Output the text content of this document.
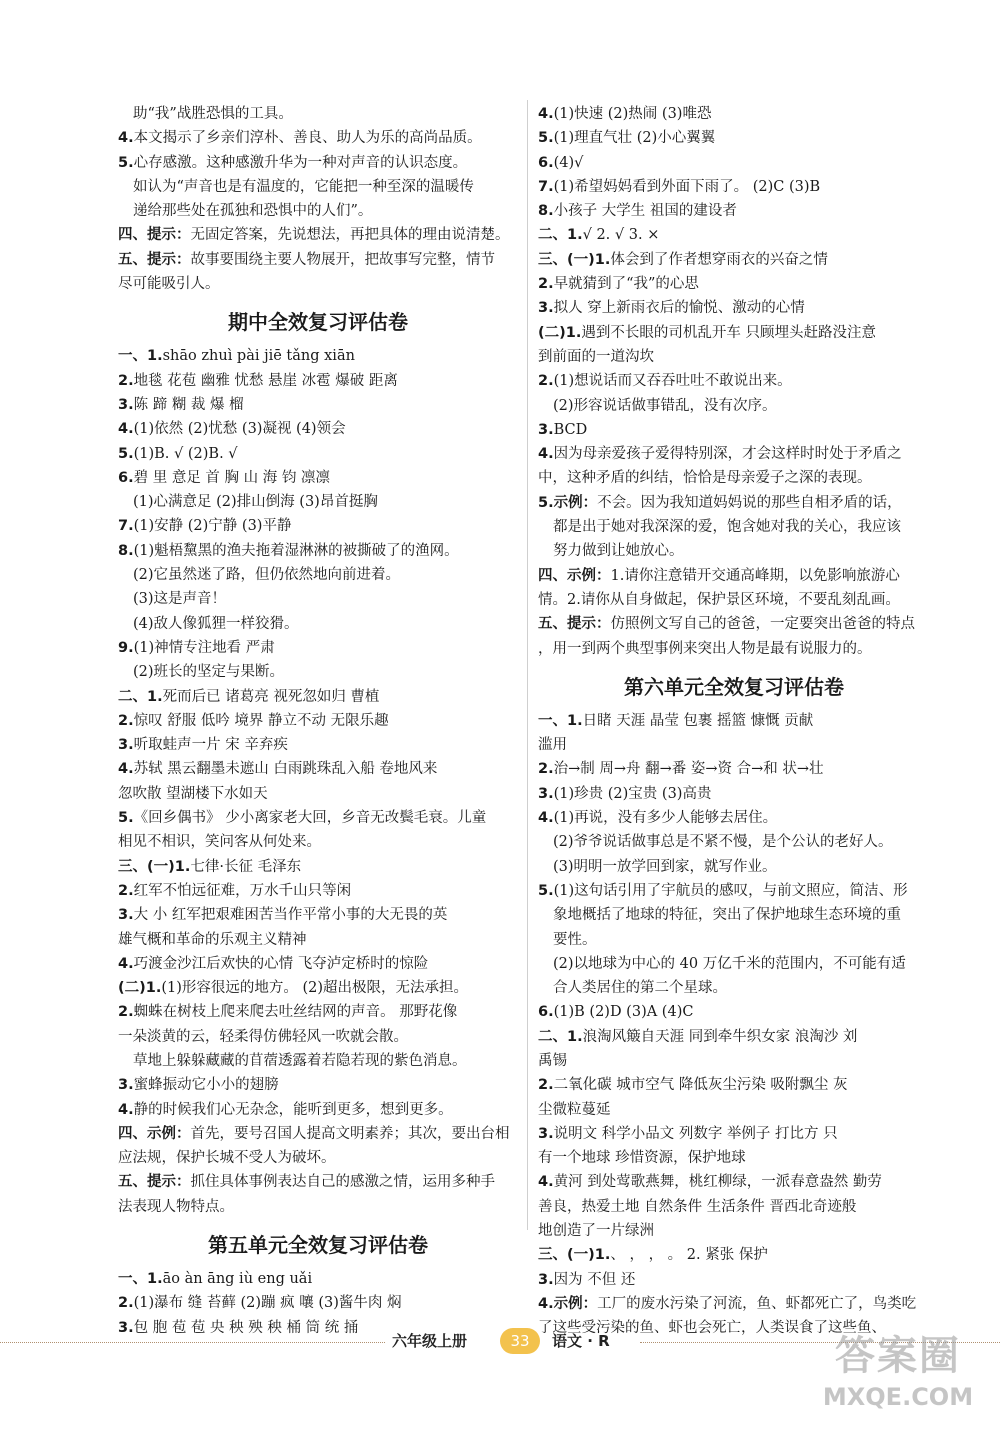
助“我”战胜恐惧的工具。
4.本文揭示了乡亲们淳朴、善良、助人为乐的高尚品质。
5.心存感激。这种感激升华为一种对声音的认识态度。
如认为“声音也是有温度的，它能把一种至深的温暖传
递给那些处在孤独和恐惧中的人们”。
四、提示：无固定答案，先说想法，再把具体的理由说清楚。
五、提示：故事要围绕主要人物展开，把故事写完整，情节
尽可能吸引人。
期中全效复习评估卷
一、1.shāo zhuì pài jiē tǎng xiān
2.地毯 花苞 幽雅 忧愁 悬崖 冰雹 爆破 距离
3.陈 蹄 糊 裁 爆 榴
4.(1)依然 (2)忧愁 (3)凝视 (4)领会
5.(1)B. √ (2)B. √
6.碧 里 意足 首 胸 山 海 钧 凛凛
(1)心满意足 (2)排山倒海 (3)昂首挺胸
7.(1)安静 (2)宁静 (3)平静
8.(1)魁梧黧黑的渔夫拖着湿淋淋的被撕破了的渔网。
(2)它虽然迷了路，但仍依然地向前进着。
(3)这是声音！
(4)敌人像狐狸一样狡猾。
9.(1)神情专注地看 严肃
(2)班长的坚定与果断。
二、1.死而后已 诸葛亮 视死忽如归 曹植
2.惊叹 舒服 低吟 境界 静立不动 无限乐趣
3.听取蛙声一片 宋 辛弃疾
4.苏轼 黑云翻墨未遮山 白雨跳珠乱入船 卷地风来
忽吹散 望湖楼下水如天
5.《回乡偶书》 少小离家老大回，乡音无改鬓毛衰。儿童
相见不相识，笑问客从何处来。
三、(一)1.七律·长征 毛泽东
2.红军不怕远征难，万水千山只等闲
3.大 小 红军把艰难困苦当作平常小事的大无畏的英
雄气概和革命的乐观主义精神
4.巧渡金沙江后欢快的心情 飞夺泸定桥时的惊险
(二)1.(1)形容很远的地方。 (2)超出极限，无法承担。
2.蜘蛛在树枝上爬来爬去吐丝结网的声音。 那野花像
一朵淡黄的云，轻柔得仿佛轻风一吹就会散。
草地上躲躲藏藏的苜蓿透露着若隐若现的紫色消息。
3.蜜蜂振动它小小的翅膀
4.静的时候我们心无杂念，能听到更多，想到更多。
四、示例：首先，要号召国人提高文明素养；其次，要出台相
应法规，保护长城不受人为破坏。
五、提示：抓住具体事例表达自己的感激之情，运用多种手
法表现人物特点。
第五单元全效复习评估卷
一、1.āo àn āng iù eng uǎi
2.(1)瀑布 缝 苔藓 (2)蹦 疯 嚷 (3)酱牛肉 焖
3.包 胞 苞 苞 央 秧 殃 秧 桶 筒 统 捅
4.(1)快速 (2)热闹 (3)唯恐
5.(1)理直气壮 (2)小心翼翼
6.(4)√
7.(1)希望妈妈看到外面下雨了。 (2)C (3)B
8.小孩子 大学生 祖国的建设者
二、1.√ 2. √ 3. ×
三、(一)1.体会到了作者想穿雨衣的兴奋之情
2.早就猜到了“我”的心思
3.拟人 穿上新雨衣后的愉悦、激动的心情
(二)1.遇到不长眼的司机乱开车 只顾埋头赶路没注意
到前面的一道沟坎
2.(1)想说话而又吞吞吐吐不敢说出来。
(2)形容说话做事错乱，没有次序。
3.BCD
4.因为母亲爱孩子爱得特别深，才会这样时时处于矛盾之
中，这种矛盾的纠结，恰恰是母亲爱子之深的表现。
5.示例：不会。因为我知道妈妈说的那些自相矛盾的话，
都是出于她对我深深的爱，饱含她对我的关心，我应该
努力做到让她放心。
四、示例：1.请你注意错开交通高峰期，以免影响旅游心
情。2.请你从自身做起，保护景区环境，不要乱刻乱画。
五、提示：仿照例文写自己的爸爸，一定要突出爸爸的特点
，用一到两个典型事例来突出人物是最有说服力的。
第六单元全效复习评估卷
一、1.日睹 天涯 晶莹 包裹 摇篮 慷慨 贡献
滥用
2.治→制 周→舟 翻→番 姿→资 合→和 状→壮
3.(1)珍贵 (2)宝贵 (3)高贵
4.(1)再说，没有多少人能够去居住。
(2)爷爷说话做事总是不紧不慢，是个公认的老好人。
(3)明明一放学回到家，就写作业。
5.(1)这句话引用了宇航员的感叹，与前文照应，简洁、形
象地概括了地球的特征，突出了保护地球生态环境的重
要性。
(2)以地球为中心的 40 万亿千米的范围内，不可能有适
合人类居住的第二个星球。
6.(1)B (2)D (3)A (4)C
二、1.浪淘风簸自天涯 同到牵牛织女家 浪淘沙 刘
禹锡
2.二氧化碳 城市空气 降低灰尘污染 吸附飘尘 灰
尘微粒蔓延
3.说明文 科学小品文 列数字 举例子 打比方 只
有一个地球 珍惜资源，保护地球
4.黄河 到处莺歌燕舞，桃红柳绿，一派春意盎然 勤劳
善良，热爱土地 自然条件 生活条件 晋西北奇迹般
地创造了一片绿洲
三、(一)1.、 ， ， 。 2. 紧张 保护
3.因为 不但 还
4.示例：工厂的废水污染了河流，鱼、虾都死亡了，鸟类吃
了这些受污染的鱼、虾也会死亡，人类误食了这些鱼、
六年级上册	33	语文 · R	答案圈
MXQE.COM
